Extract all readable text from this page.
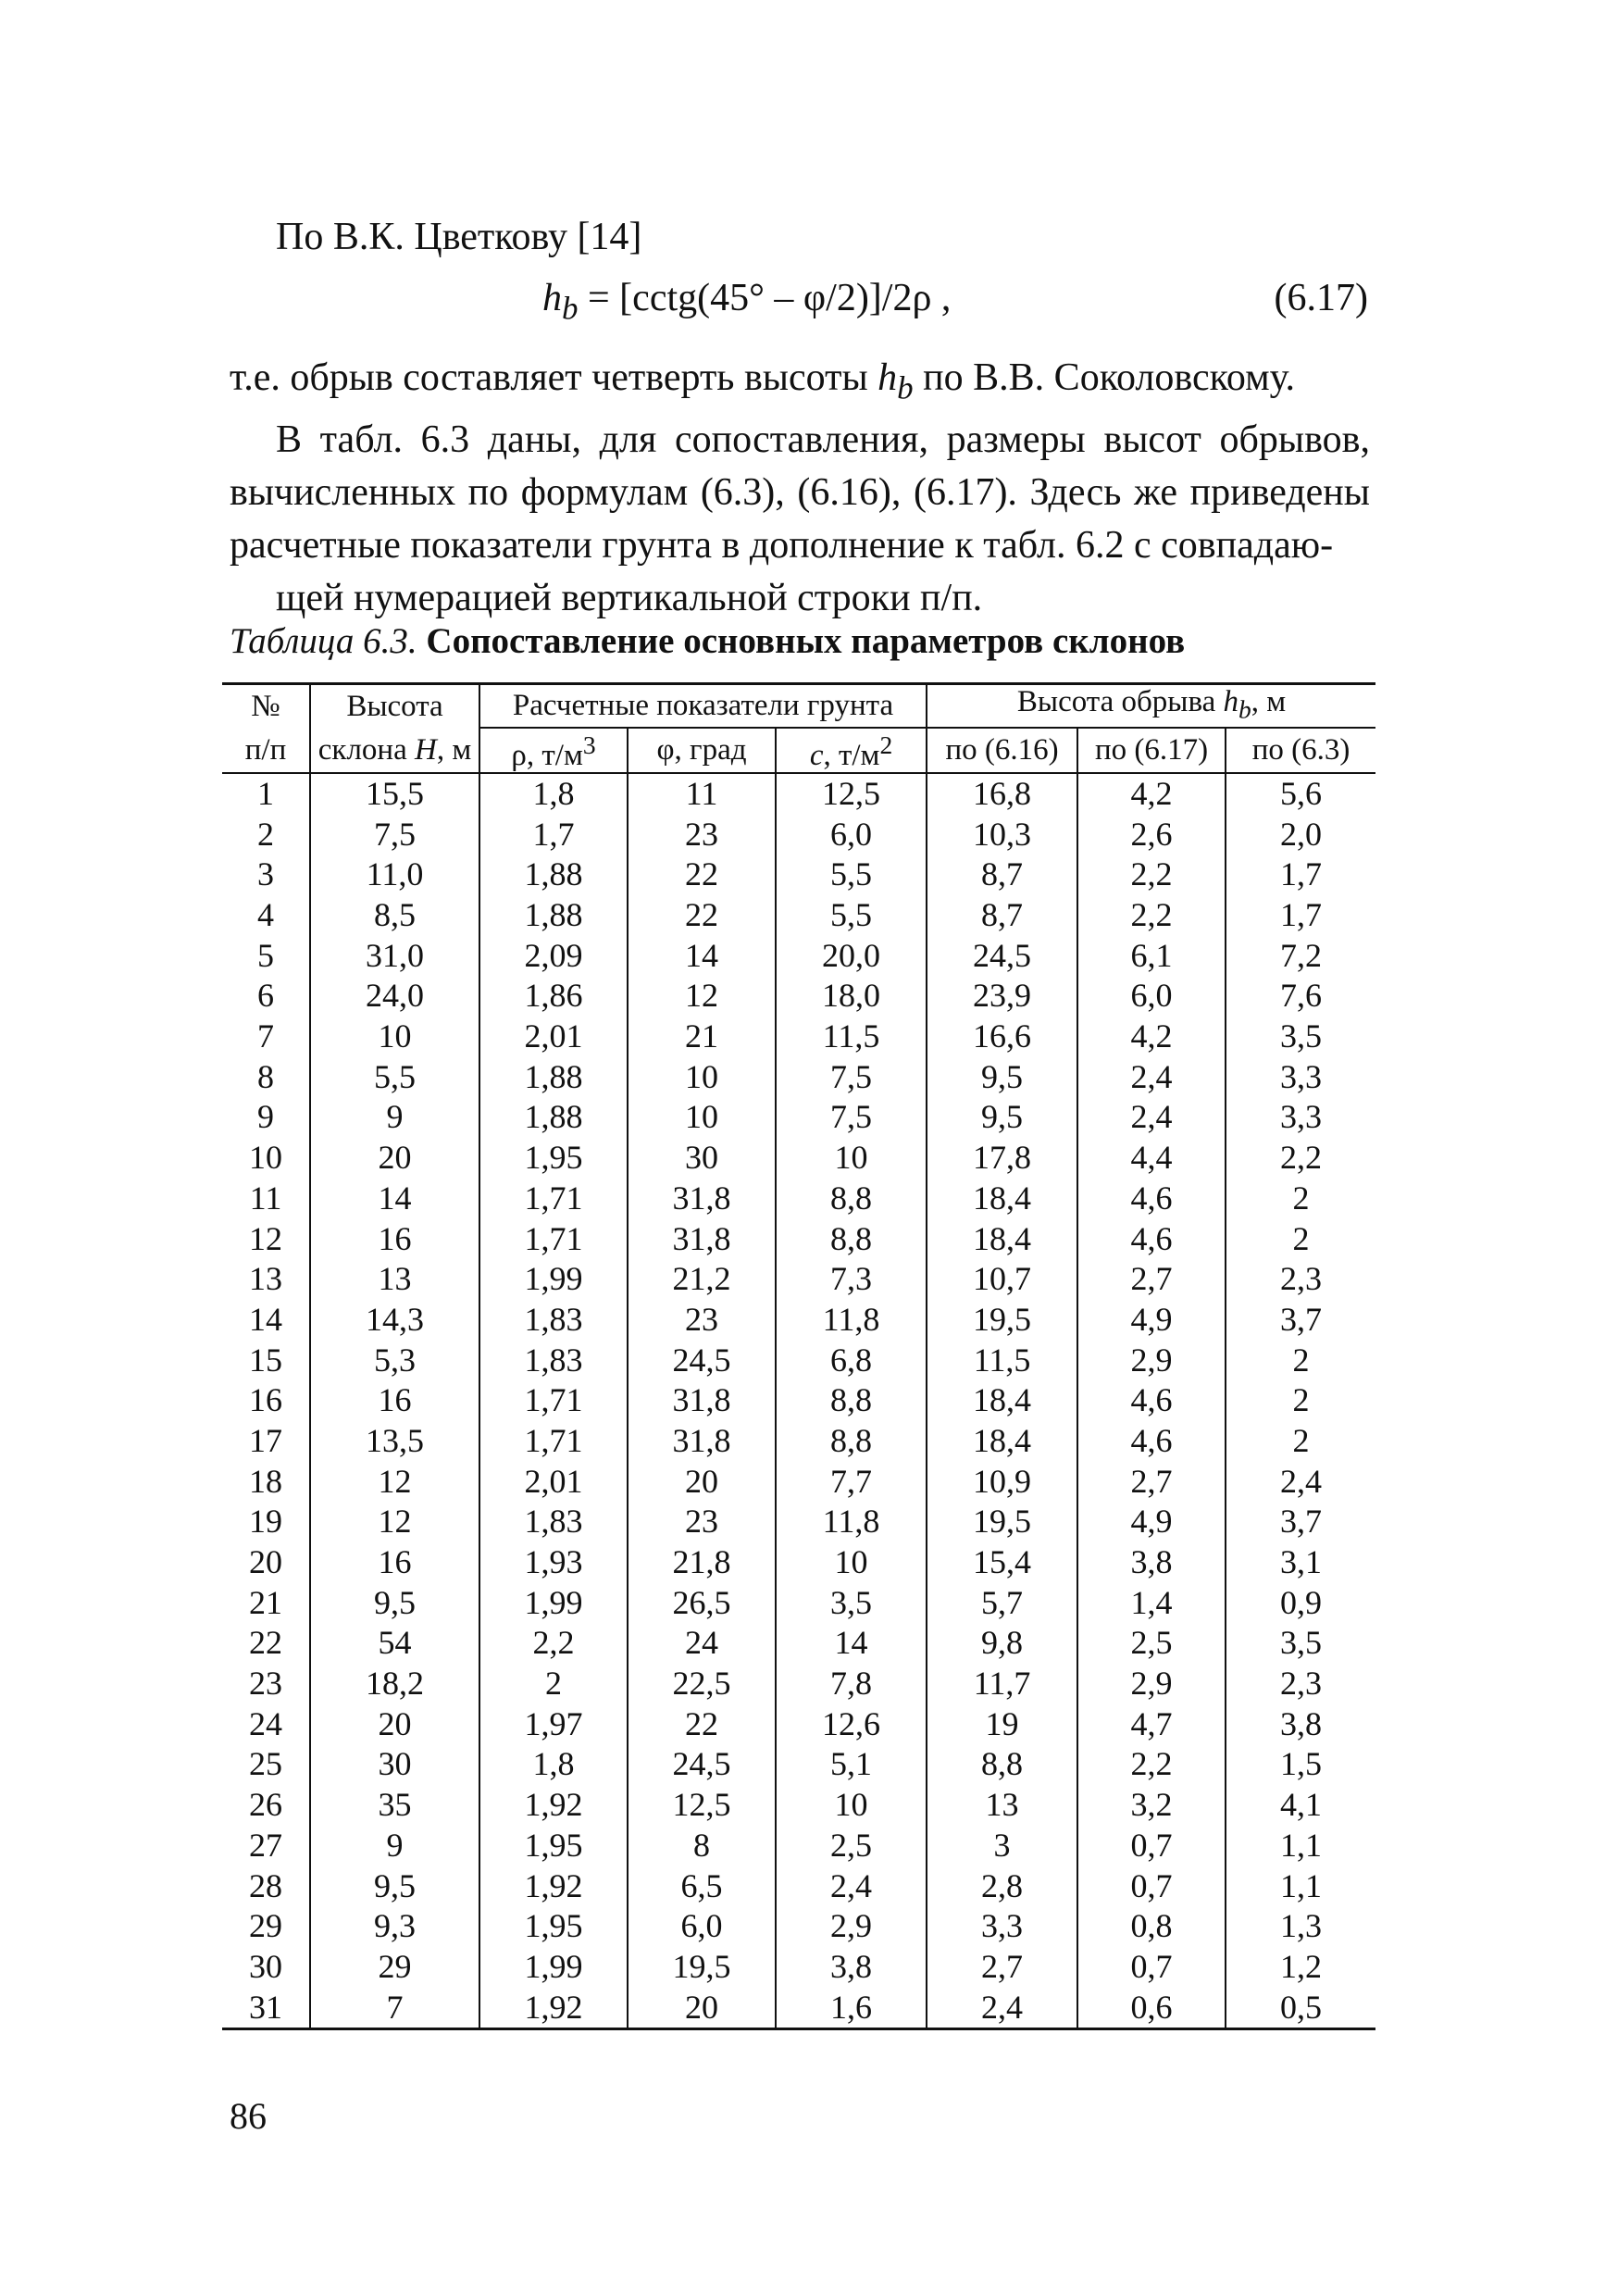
По В.К. Цветкову [14]
$h_b$ = [cctg(45° – φ/2)]/2ρ ,	(6.17)
т.е. обрыв составляет четверть высоты $h_b$ по В.В. Соколовскому.
В табл. 6.3 даны, для сопоставления, размеры высот обрывов, вычисленных по формулам (6.3), (6.16), (6.17). Здесь же приведены расчетные показатели грунта в дополнение к табл. 6.2 с совпадаю-
щей нумерацией вертикальной строки п/п.
Таблица 6.3. Сопоставление основных параметров склонов
№	Высота	Расчетные показатели грунта			Высота обрыва $h_b$, м		
п/п	склона H, м	ρ, $т/м^3$	φ, град	c, $т/м^2$	по (6.16)	по (6.17)	по (6.3)
1	15,5	1,8	11	12,5	16,8	4,2	5,6
2	7,5	1,7	23	6,0	10,3	2,6	2,0
3	11,0	1,88	22	5,5	8,7	2,2	1,7
4	8,5	1,88	22	5,5	8,7	2,2	1,7
5	31,0	2,09	14	20,0	24,5	6,1	7,2
6	24,0	1,86	12	18,0	23,9	6,0	7,6
7	10	2,01	21	11,5	16,6	4,2	3,5
8	5,5	1,88	10	7,5	9,5	2,4	3,3
9	9	1,88	10	7,5	9,5	2,4	3,3
10	20	1,95	30	10	17,8	4,4	2,2
11	14	1,71	31,8	8,8	18,4	4,6	2
12	16	1,71	31,8	8,8	18,4	4,6	2
13	13	1,99	21,2	7,3	10,7	2,7	2,3
14	14,3	1,83	23	11,8	19,5	4,9	3,7
15	5,3	1,83	24,5	6,8	11,5	2,9	2
16	16	1,71	31,8	8,8	18,4	4,6	2
17	13,5	1,71	31,8	8,8	18,4	4,6	2
18	12	2,01	20	7,7	10,9	2,7	2,4
19	12	1,83	23	11,8	19,5	4,9	3,7
20	16	1,93	21,8	10	15,4	3,8	3,1
21	9,5	1,99	26,5	3,5	5,7	1,4	0,9
22	54	2,2	24	14	9,8	2,5	3,5
23	18,2	2	22,5	7,8	11,7	2,9	2,3
24	20	1,97	22	12,6	19	4,7	3,8
25	30	1,8	24,5	5,1	8,8	2,2	1,5
26	35	1,92	12,5	10	13	3,2	4,1
27	9	1,95	8	2,5	3	0,7	1,1
28	9,5	1,92	6,5	2,4	2,8	0,7	1,1
29	9,3	1,95	6,0	2,9	3,3	0,8	1,3
30	29	1,99	19,5	3,8	2,7	0,7	1,2
31	7	1,92	20	1,6	2,4	0,6	0,5
86
